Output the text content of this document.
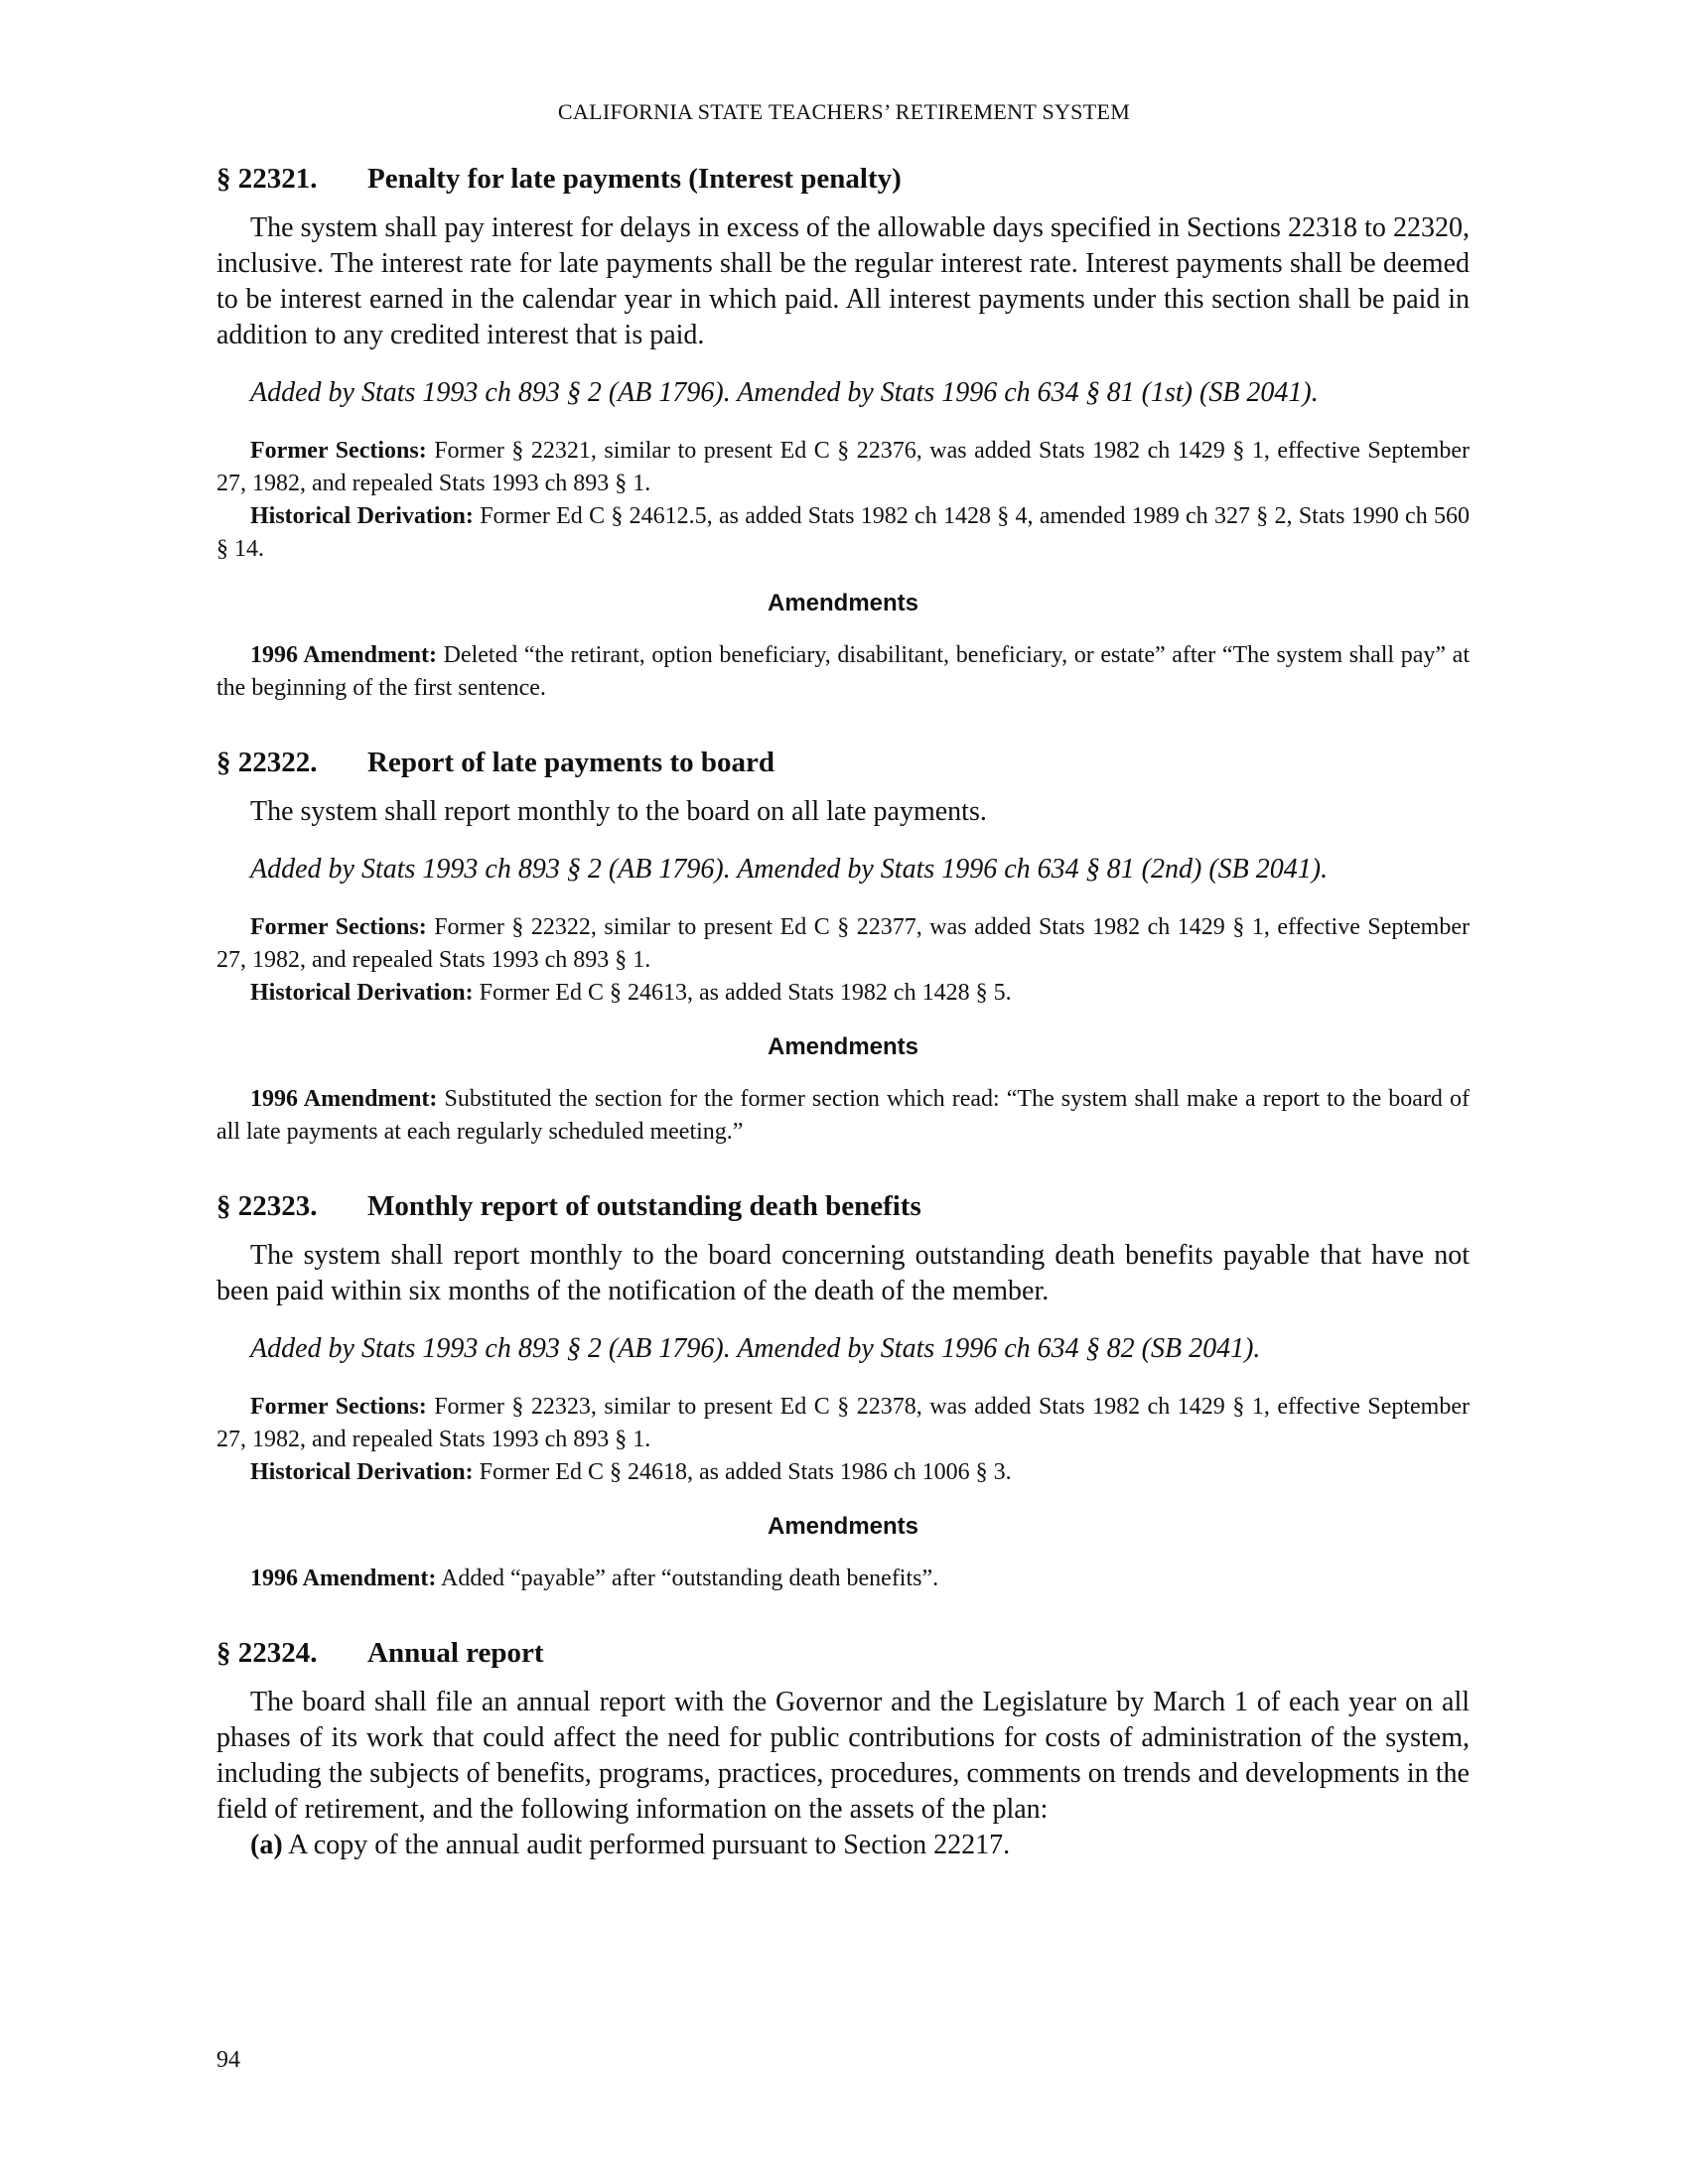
CALIFORNIA STATE TEACHERS’ RETIREMENT SYSTEM
§ 22321.	Penalty for late payments (Interest penalty)

The system shall pay interest for delays in excess of the allowable days specified in Sections 22318 to 22320, inclusive. The interest rate for late payments shall be the regular interest rate. Interest payments shall be deemed to be interest earned in the calendar year in which paid. All interest payments under this section shall be paid in addition to any credited interest that is paid.

Added by Stats 1993 ch 893 § 2 (AB 1796). Amended by Stats 1996 ch 634 § 81 (1st) (SB 2041).

Former Sections: Former § 22321, similar to present Ed C § 22376, was added Stats 1982 ch 1429 § 1, effective September 27, 1982, and repealed Stats 1993 ch 893 § 1.

Historical Derivation: Former Ed C § 24612.5, as added Stats 1982 ch 1428 § 4, amended 1989 ch 327 § 2, Stats 1990 ch 560 § 14.

Amendments

1996 Amendment: Deleted “the retirant, option beneficiary, disabilitant, beneficiary, or estate” after “The system shall pay” at the beginning of the first sentence.

§ 22322.	Report of late payments to board

The system shall report monthly to the board on all late payments.

Added by Stats 1993 ch 893 § 2 (AB 1796). Amended by Stats 1996 ch 634 § 81 (2nd) (SB 2041).

Former Sections: Former § 22322, similar to present Ed C § 22377, was added Stats 1982 ch 1429 § 1, effective September 27, 1982, and repealed Stats 1993 ch 893 § 1.

Historical Derivation: Former Ed C § 24613, as added Stats 1982 ch 1428 § 5.

Amendments

1996 Amendment: Substituted the section for the former section which read: “The system shall make a report to the board of all late payments at each regularly scheduled meeting.”

§ 22323.	Monthly report of outstanding death benefits

The system shall report monthly to the board concerning outstanding death benefits payable that have not been paid within six months of the notification of the death of the member.

Added by Stats 1993 ch 893 § 2 (AB 1796). Amended by Stats 1996 ch 634 § 82 (SB 2041).

Former Sections: Former § 22323, similar to present Ed C § 22378, was added Stats 1982 ch 1429 § 1, effective September 27, 1982, and repealed Stats 1993 ch 893 § 1.

Historical Derivation: Former Ed C § 24618, as added Stats 1986 ch 1006 § 3.

Amendments

1996 Amendment: Added “payable” after “outstanding death benefits”.

§ 22324.	Annual report

The board shall file an annual report with the Governor and the Legislature by March 1 of each year on all phases of its work that could affect the need for public contributions for costs of administration of the system, including the subjects of benefits, programs, practices, procedures, comments on trends and developments in the field of retirement, and the following information on the assets of the plan:

(a) A copy of the annual audit performed pursuant to Section 22217.

94
